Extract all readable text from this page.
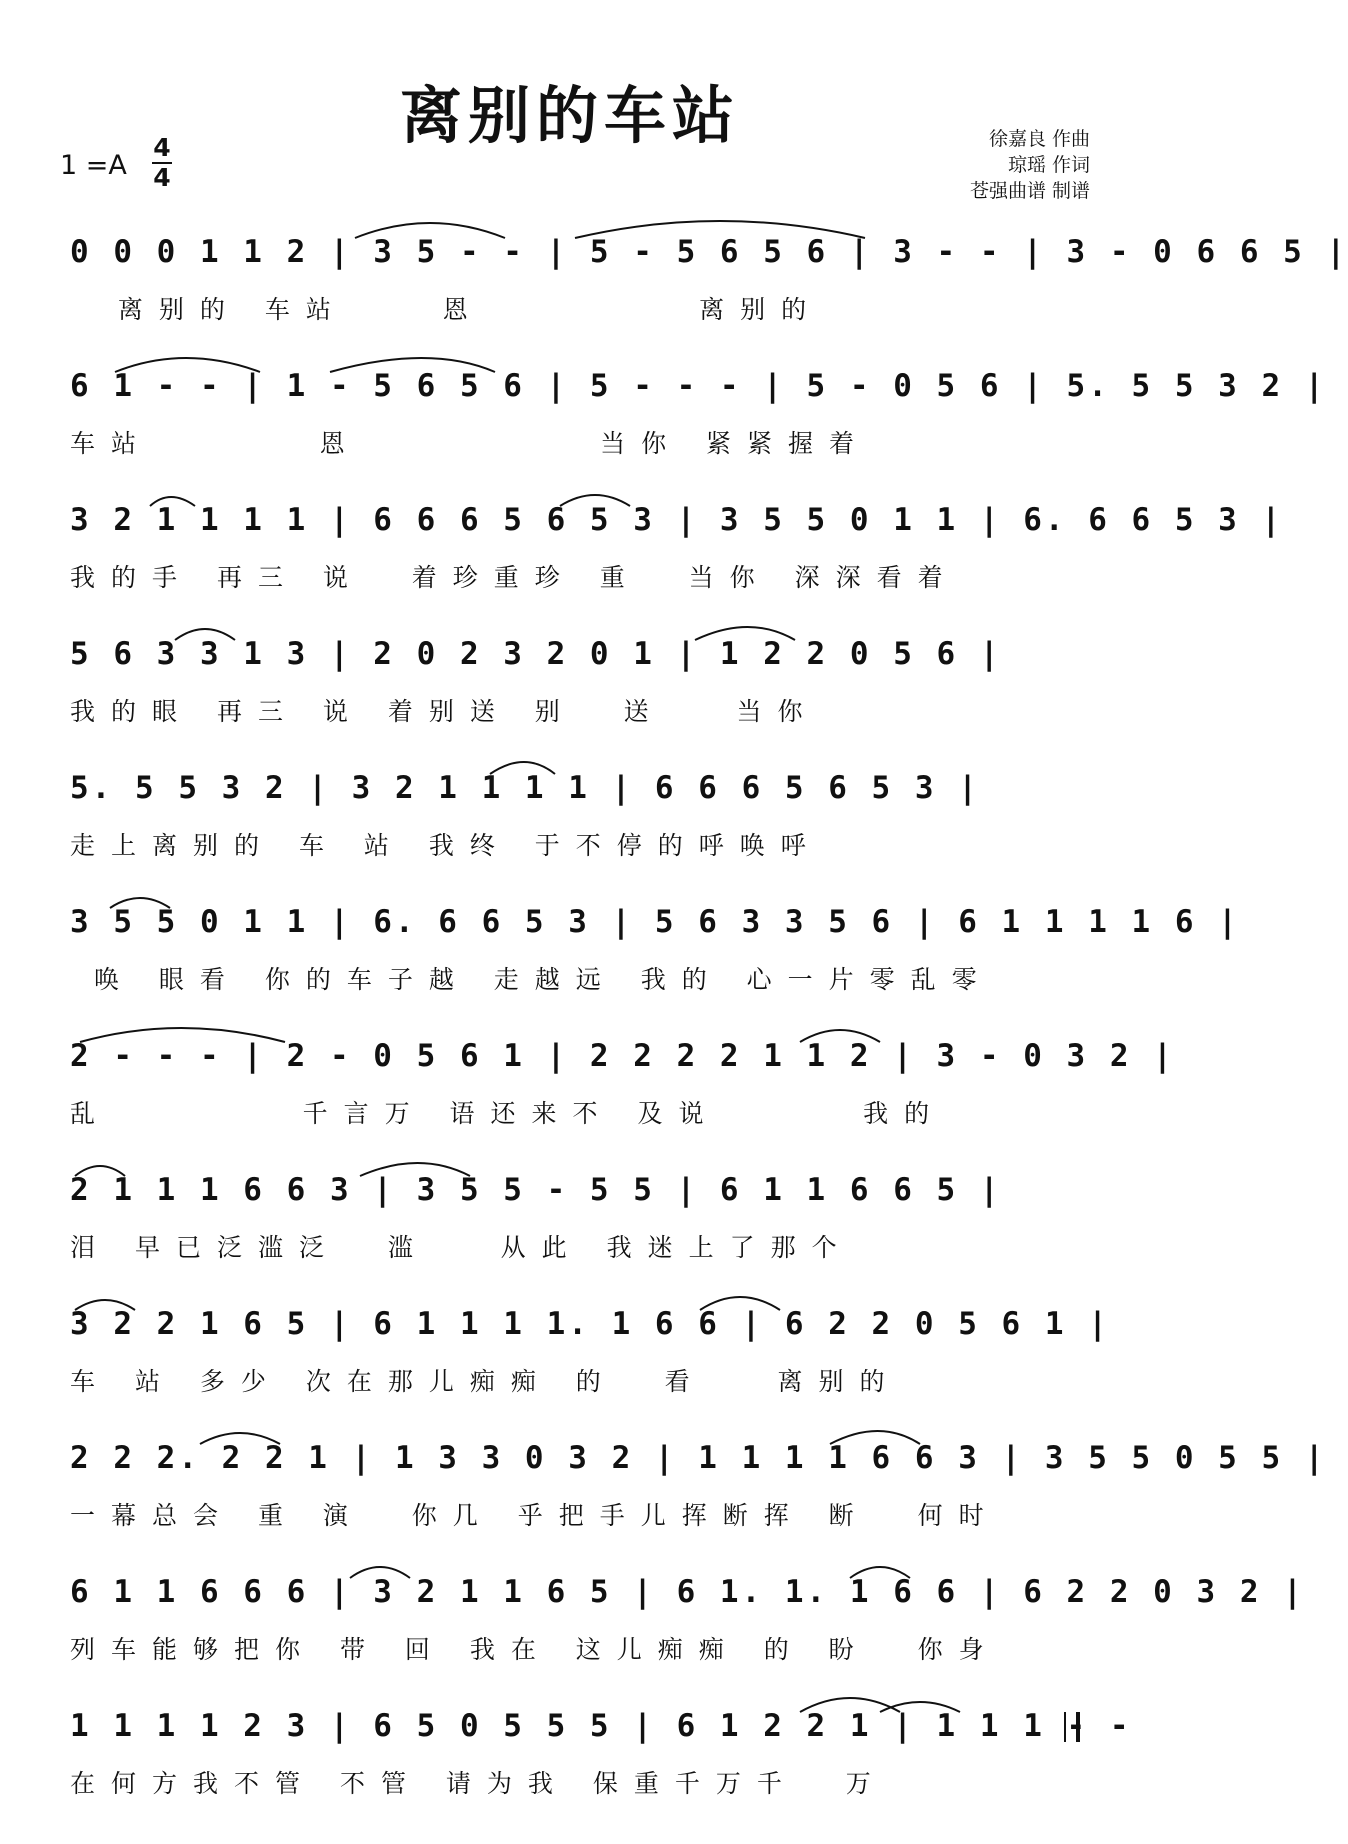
离别的车站
1 =A
4
4
徐嘉良 作曲
琼瑶 作词
苍强曲谱 制谱
0 0 0 1 1 2 | 3 5 - - | 5 - 5 6 5 6 | 3 - - | 3 - 0 6 6 5 |
离别的 车站    恩         离别的
6 1 - - | 1 - 5 6 5 6 | 5 - - - | 5 - 0 5 6 | 5. 5 5 3 2 |
车站       恩          当你 紧紧握着
3 2 1 1 1 1 | 6 6 6 5 6 5 3 | 3 5 5 0 1 1 | 6. 6 6 5 3 |
我的手 再三 说  着珍重珍 重  当你 深深看着
5 6 3 3 1 3 | 2 0 2 3 2 0 1 | 1 2 2 0 5 6 |
我的眼 再三 说 着别送 别  送   当你
5. 5 5 3 2 | 3 2 1 1 1 1 | 6 6 6 5 6 5 3 |
走上离别的 车 站 我终 于不停的呼唤呼
3 5 5 0 1 1 | 6. 6 6 5 3 | 5 6 3 3 5 6 | 6 1 1 1 1 6 |
唤 眼看 你的车子越 走越远 我的 心一片零乱零
2 - - - | 2 - 0 5 6 1 | 2 2 2 2 1 1 2 | 3 - 0 3 2 |
乱        千言万 语还来不 及说      我的
2 1 1 1 6 6 3 | 3 5 5 - 5 5 | 6 1 1 6 6 5 |
泪 早已泛滥泛  滥   从此 我迷上了那个
3 2 2 1 6 5 | 6 1 1 1 1. 1 6 6 | 6 2 2 0 5 6 1 |
车 站 多少 次在那儿痴痴 的  看   离别的
2 2 2. 2 2 1 | 1 3 3 0 3 2 | 1 1 1 1 6 6 3 | 3 5 5 0 5 5 |
一幕总会 重 演  你几 乎把手儿挥断挥 断  何时
6 1 1 6 6 6 | 3 2 1 1 6 5 | 6 1. 1. 1 6 6 | 6 2 2 0 3 2 |
列车能够把你 带 回 我在 这儿痴痴 的 盼  你身
1 1 1 1 2 3 | 6 5 0 5 5 5 | 6 1 2 2 1 | 1 1 1 - -
在何方我不管 不管 请为我 保重千万千  万
